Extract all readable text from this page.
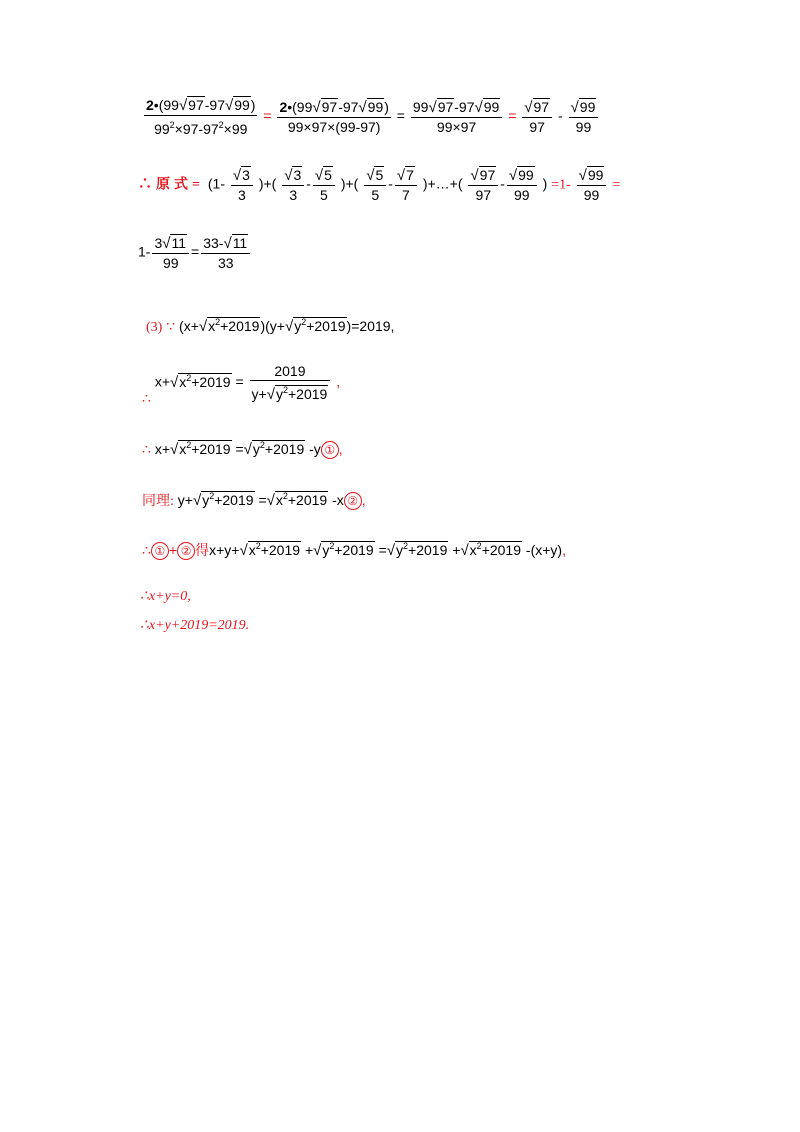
$\frac{2•(99√97-97√99)}{99^2\times 97-97^2\times 99} = \frac{2•(99√97-97√99)}{99\times 97\times(99-97)} = \frac{99√97-97√99}{99\times 97} = \frac{√97}{97} - \frac{√99}{99}$
∴原式= ($1- \frac{√3}{3}$ )+( $\frac{√3}{3} - \frac{√5}{5}$ )+( $\frac{√5}{5} - \frac{√7}{7}$ )+…+( $\frac{√97}{97} - \frac{√99}{99}$ ) $=1- \frac{√99}{99}$ =
$1- \frac{3√11}{99} = \frac{33-√11}{33}$
(3) ∵ $(x+√x^2+2019)(y+√y^2+2019)=2019$,
∴ $x+√x^2+2019 = \frac{2019}{y+√y^2+2019}$ ,
∴ $x+√x^2+2019 =√y^2+2019$ -y ① ,
同理: $y+√y^2+2019 =√x^2+2019$ -x ② ,
∴ ① + ② 得$x+y+√x^2+2019 +√y^2+2019 =√y^2+2019 +√x^2+2019$ -(x+y),
∴x+y=0,
∴x+y+2019=2019.
